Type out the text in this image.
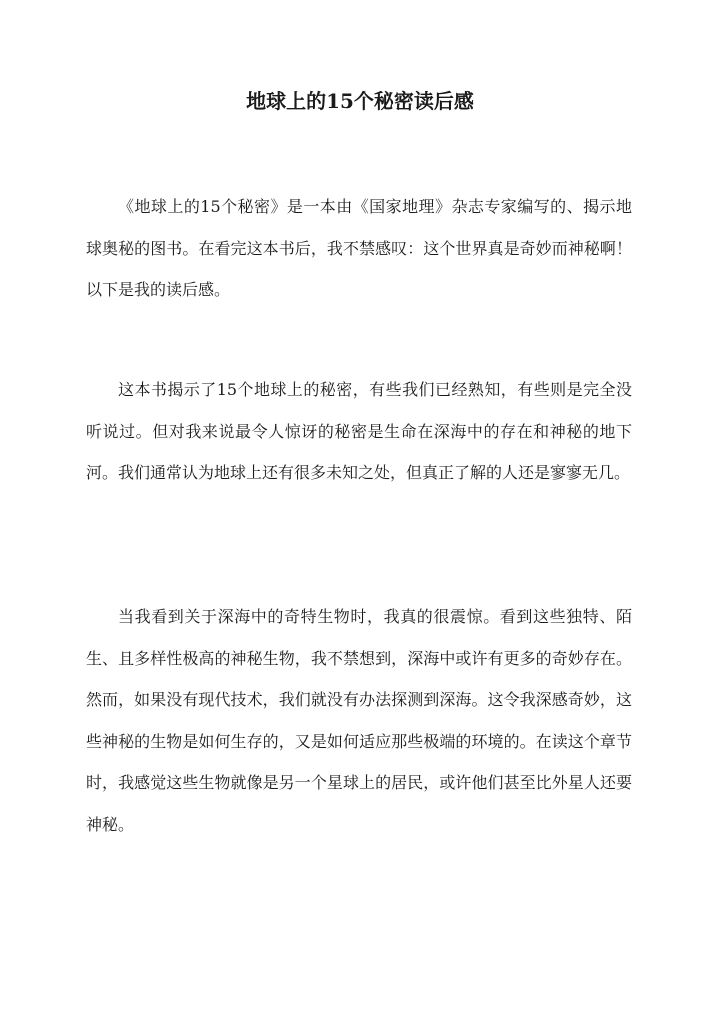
地球上的15个秘密读后感

《地球上的15个秘密》是一本由《国家地理》杂志专家编写的、揭示地球奥秘的图书。在看完这本书后，我不禁感叹：这个世界真是奇妙而神秘啊！以下是我的读后感。

这本书揭示了15个地球上的秘密，有些我们已经熟知，有些则是完全没听说过。但对我来说最令人惊讶的秘密是生命在深海中的存在和神秘的地下河。我们通常认为地球上还有很多未知之处，但真正了解的人还是寥寥无几。

当我看到关于深海中的奇特生物时，我真的很震惊。看到这些独特、陌生、且多样性极高的神秘生物，我不禁想到，深海中或许有更多的奇妙存在。然而，如果没有现代技术，我们就没有办法探测到深海。这令我深感奇妙，这些神秘的生物是如何生存的，又是如何适应那些极端的环境的。在读这个章节时，我感觉这些生物就像是另一个星球上的居民，或许他们甚至比外星人还要神秘。
